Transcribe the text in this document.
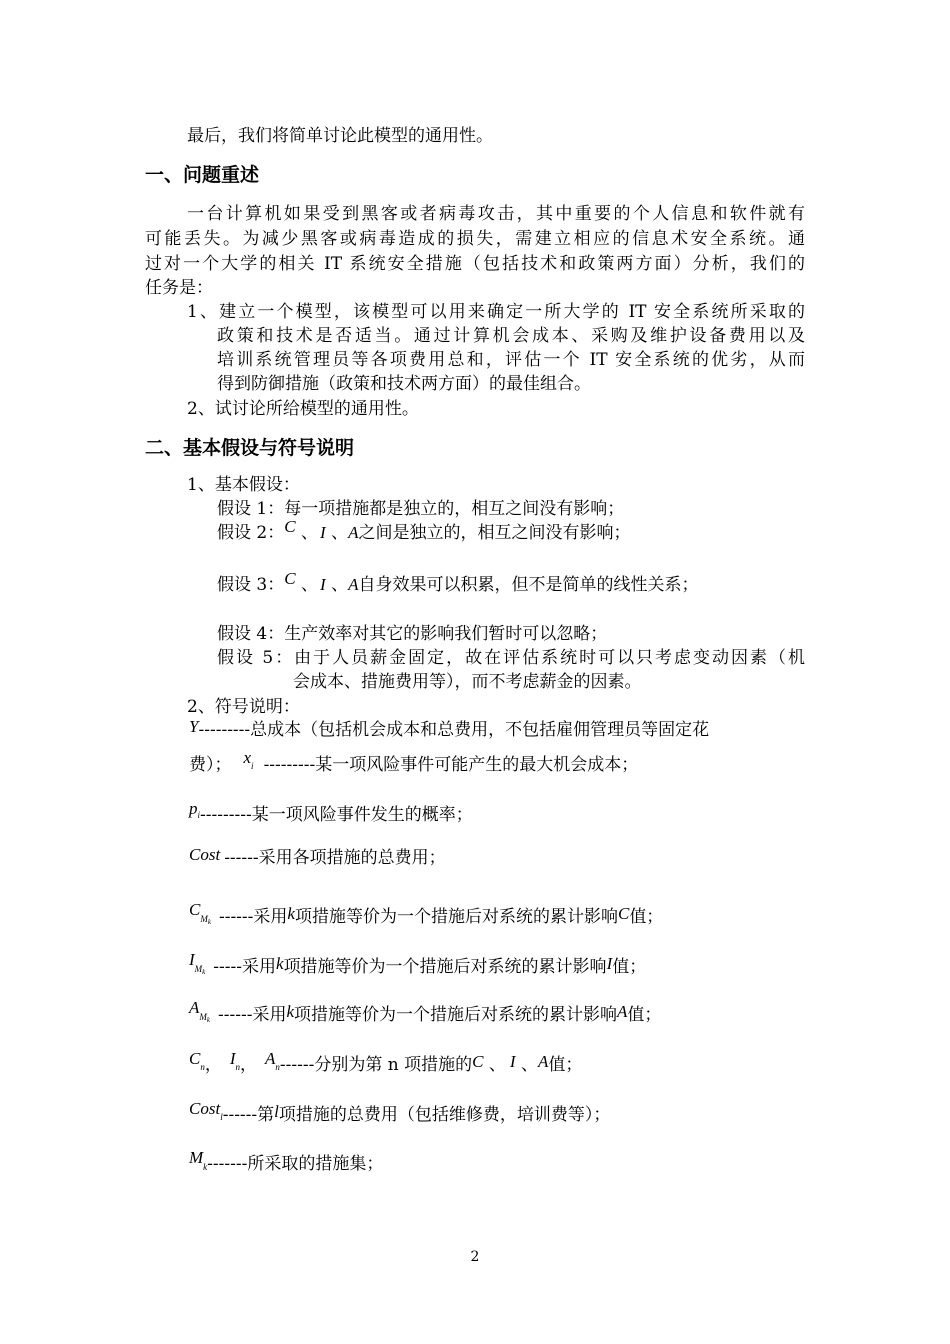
最后，我们将简单讨论此模型的通用性。
一、问题重述
一台计算机如果受到黑客或者病毒攻击，其中重要的个人信息和软件就有
可能丢失。为减少黑客或病毒造成的损失，需建立相应的信息术安全系统。通
过对一个大学的相关 IT 系统安全措施（包括技术和政策两方面）分析，我们的
任务是：
1、建立一个模型，该模型可以用来确定一所大学的 IT 安全系统所采取的
政策和技术是否适当。通过计算机会成本、采购及维护设备费用以及
培训系统管理员等各项费用总和，评估一个 IT 安全系统的优劣，从而
得到防御措施（政策和技术两方面）的最佳组合。
2、试讨论所给模型的通用性。
二、基本假设与符号说明
1、基本假设：
假设 1：每一项措施都是独立的，相互之间没有影响；
假设 2：C 、 I 、A之间是独立的，相互之间没有影响；
假设 3：C 、 I 、A自身效果可以积累，但不是简单的线性关系；
假设 4：生产效率对其它的影响我们暂时可以忽略；
假设 5：由于人员薪金固定，故在评估系统时可以只考虑变动因素（机
会成本、措施费用等），而不考虑薪金的因素。
2、符号说明：
Y---------总成本（包括机会成本和总费用，不包括雇佣管理员等固定花
费）； $x_i$ ---------某一项风险事件可能产生的最大机会成本；
$p_i---------$某一项风险事件发生的概率；
Cost ------采用各项措施的总费用；
$C_{M_k}$ ------采用k项措施等价为一个措施后对系统的累计影响C值；
$I_{M_k}$ -----采用k项措施等价为一个措施后对系统的累计影响I值；
$A_{M_k}$ ------采用k项措施等价为一个措施后对系统的累计影响A值；
$C_n$， $I_n$， $A_n------$分别为第 n 项措施的C 、 I 、A值；
Cost$_l$------第l项措施的总费用（包括维修费，培训费等）；
$M_k-------$所采取的措施集；
2
